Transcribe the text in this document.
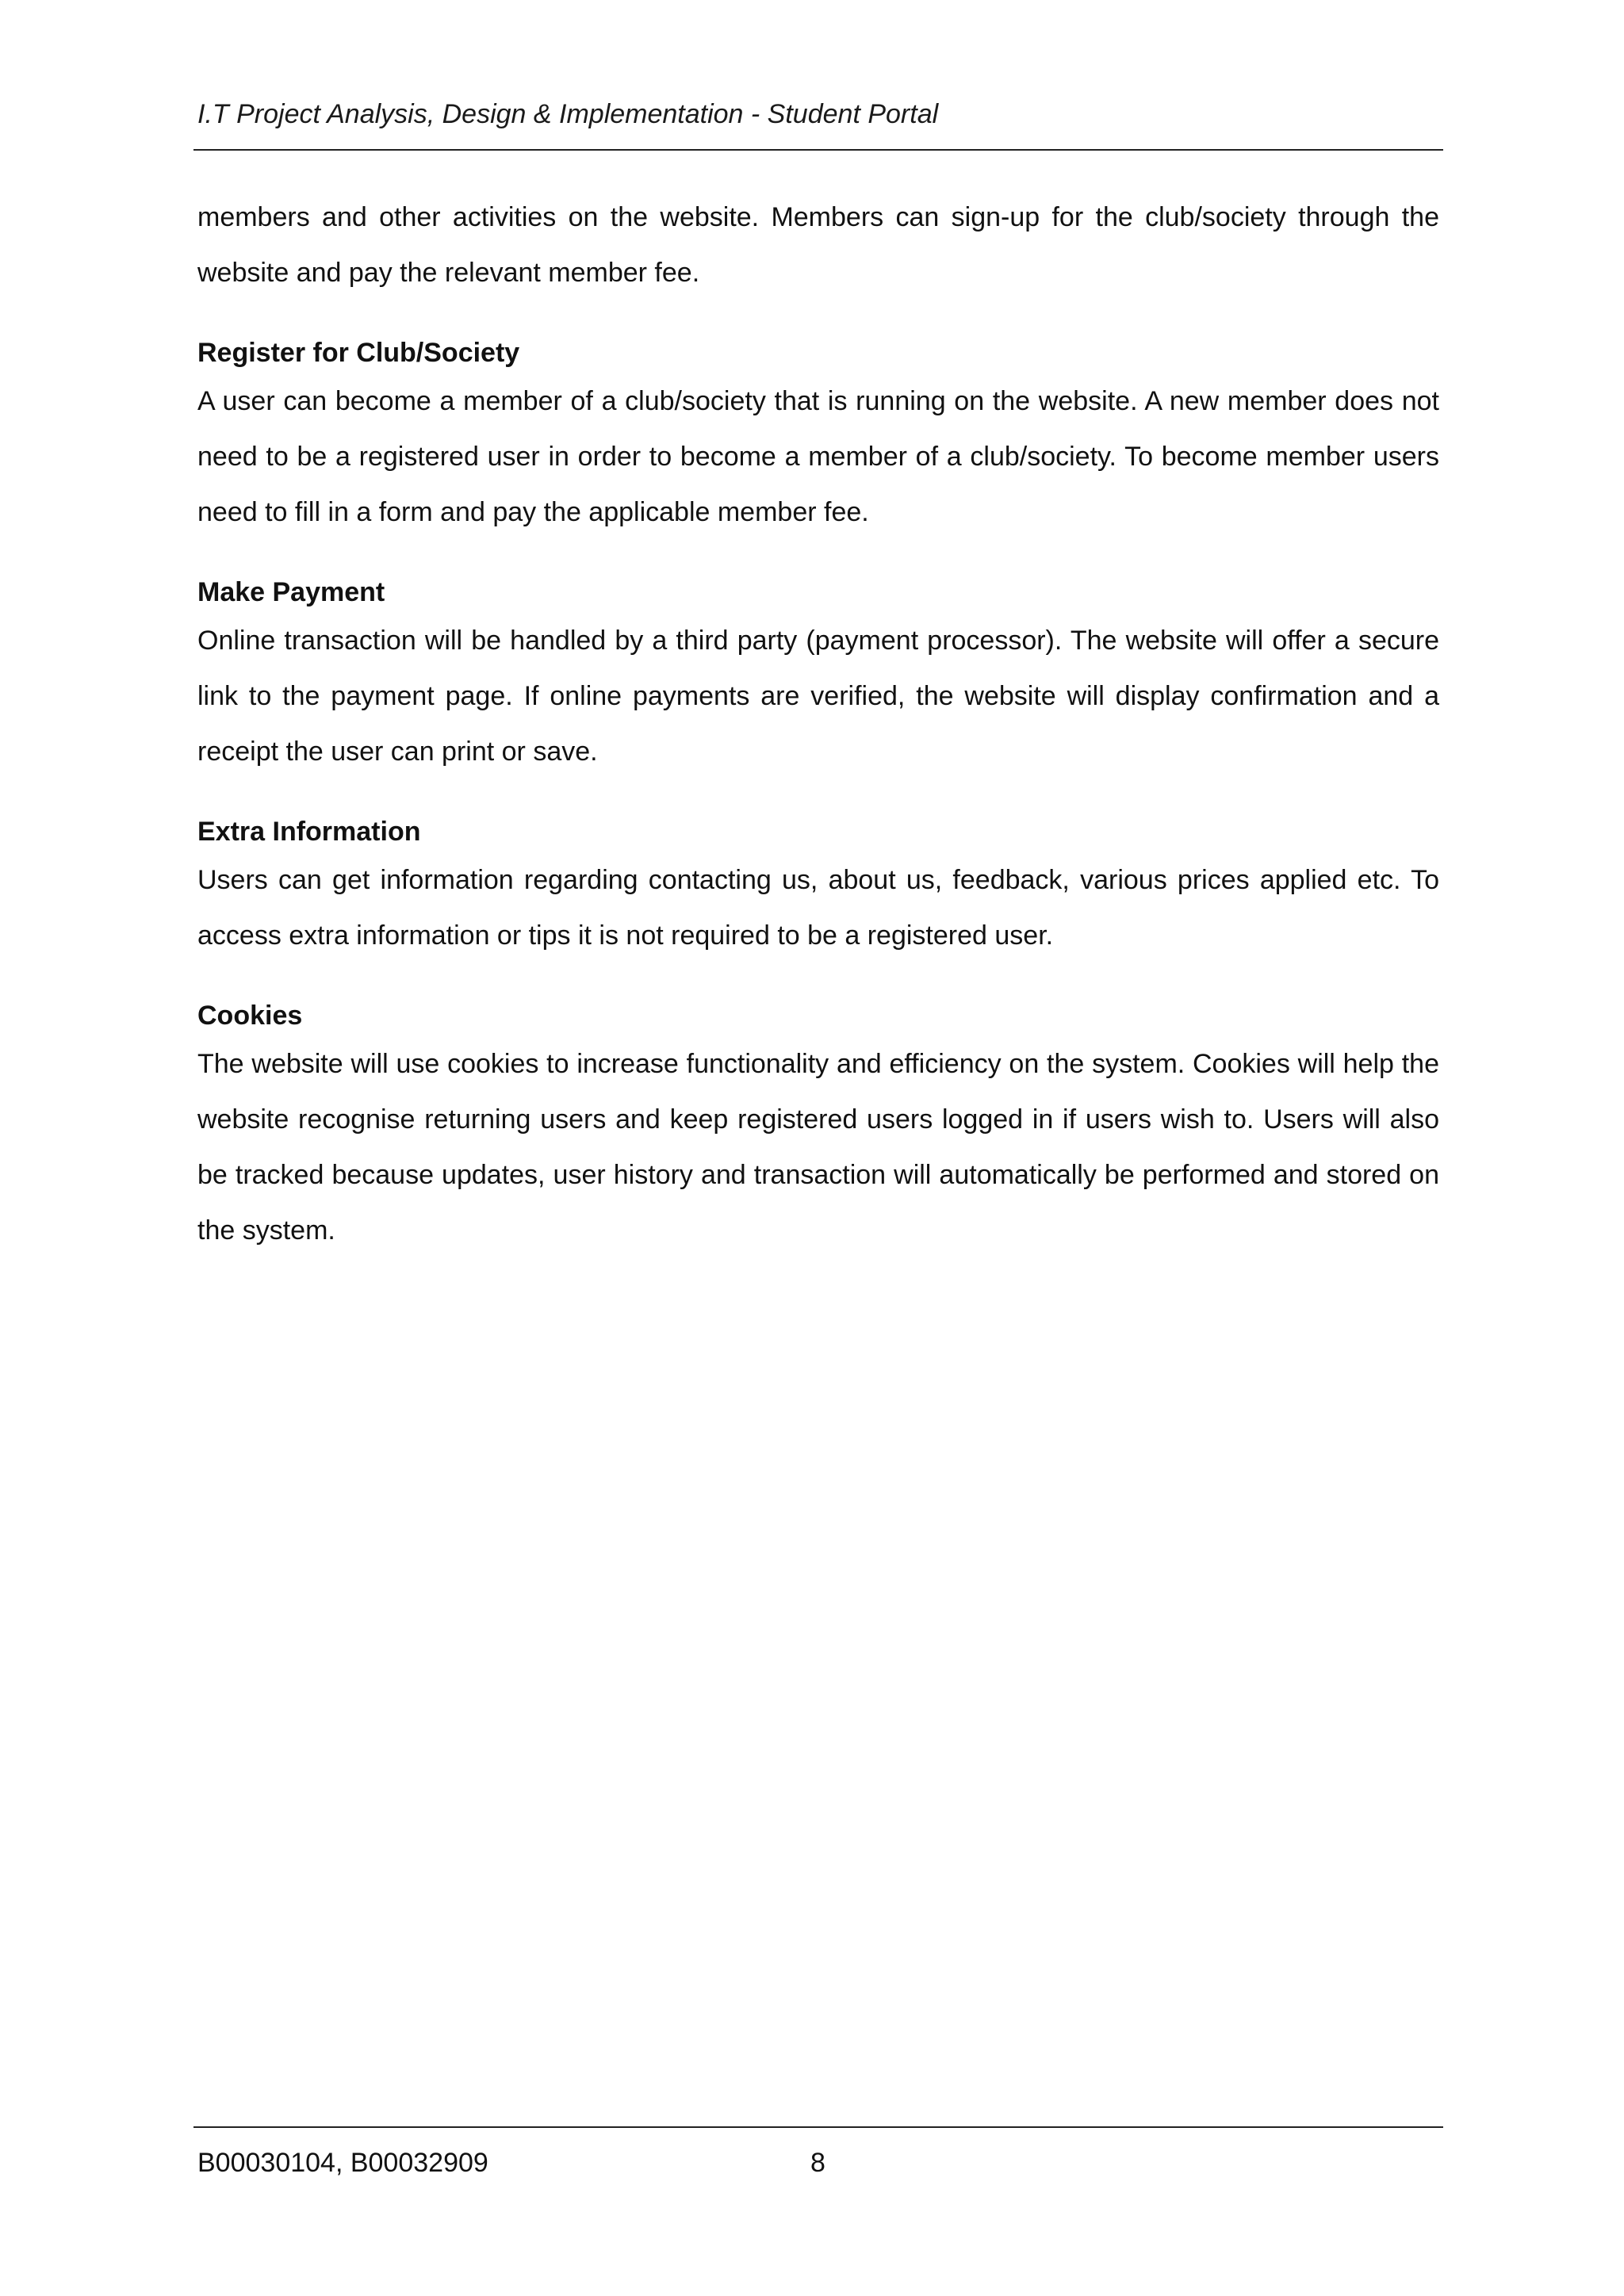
I.T Project Analysis, Design & Implementation - Student Portal

members and other activities on the website. Members can sign-up for the club/society through the website and pay the relevant member fee.

Register for Club/Society

A user can become a member of a club/society that is running on the website. A new member does not need to be a registered user in order to become a member of a club/society. To become member users need to fill in a form and pay the applicable member fee.

Make Payment

Online transaction will be handled by a third party (payment processor). The website will offer a secure link to the payment page. If online payments are verified, the website will display confirmation and a receipt the user can print or save.

Extra Information

Users can get information regarding contacting us, about us, feedback, various prices applied etc. To access extra information or tips it is not required to be a registered user.

Cookies

The website will use cookies to increase functionality and efficiency on the system. Cookies will help the website recognise returning users and keep registered users logged in if users wish to. Users will also be tracked because updates, user history and transaction will automatically be performed and stored on the system.

B00030104, B00032909	8
